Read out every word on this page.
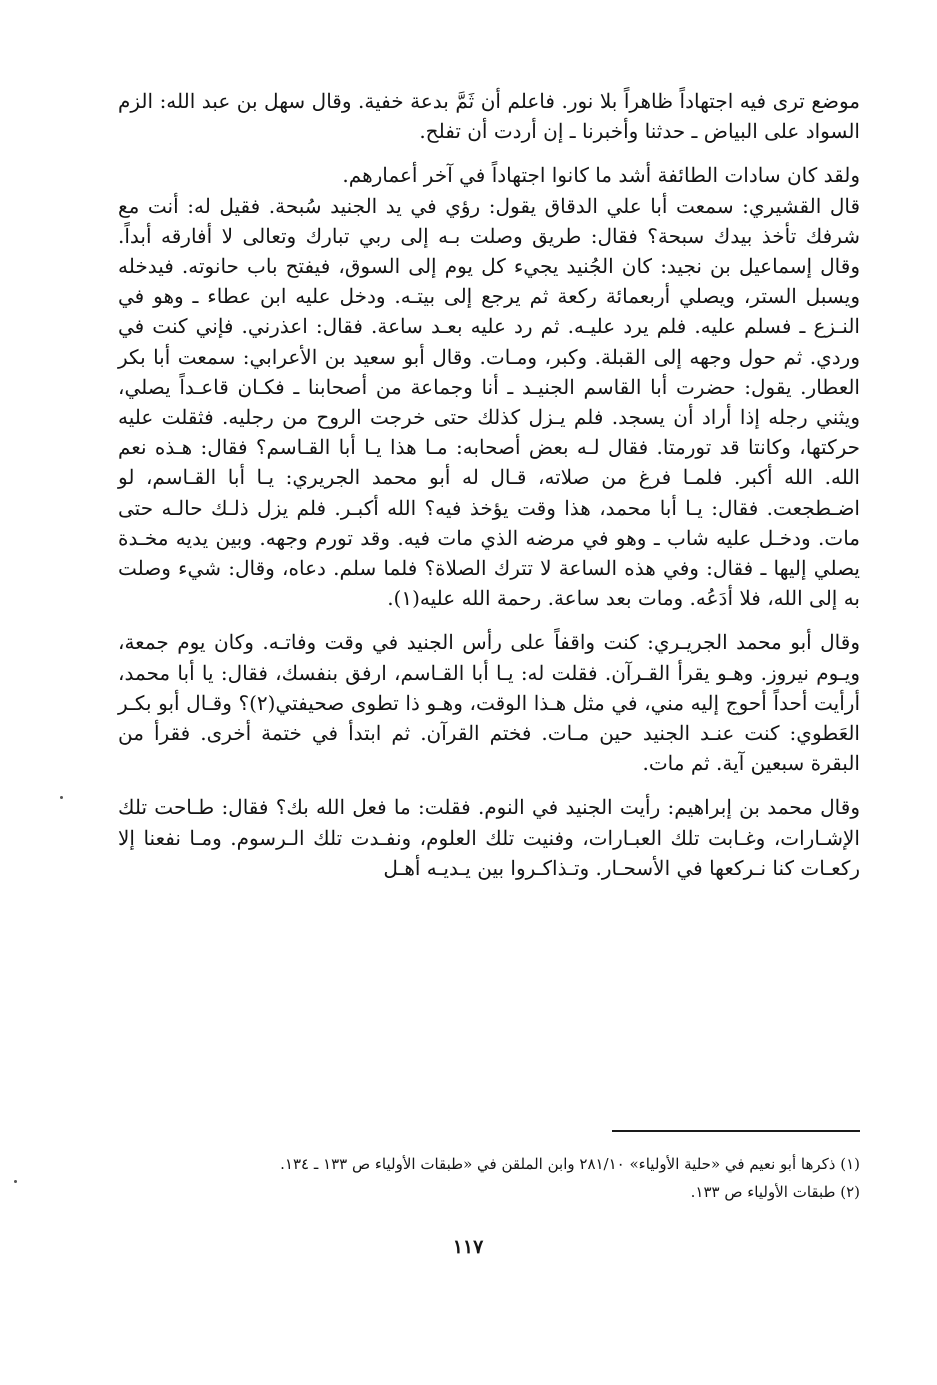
موضع ترى فيه اجتهاداً ظاهراً بلا نور. فاعلم أن ثَمَّ بدعة خفية. وقال سهل بن عبد الله: الزم السواد على البياض ـ حدثنا وأخبرنا ـ إن أردت أن تفلح.

ولقد كان سادات الطائفة أشد ما كانوا اجتهاداً في آخر أعمارهم.

قال القشيري: سمعت أبا علي الدقاق يقول: رؤي في يد الجنيد سُبحة. فقيل له: أنت مع شرفك تأخذ بيدك سبحة؟ فقال: طريق وصلت بـه إلى ربي تبارك وتعالى لا أفارقه أبداً. وقال إسماعيل بن نجيد: كان الجُنيد يجيء كل يوم إلى السوق، فيفتح باب حانوته. فيدخله ويسبل الستر، ويصلي أربعمائة ركعة ثم يرجع إلى بيتـه. ودخل عليه ابن عطاء ـ وهو في النـزع ـ فسلم عليه. فلم يرد عليـه. ثم رد عليه بعـد ساعة. فقال: اعذرني. فإني كنت في وردي. ثم حول وجهه إلى القبلة. وكبر، ومـات. وقال أبو سعيد بن الأعرابي: سمعت أبا بكر العطار. يقول: حضرت أبا القاسم الجنيـد ـ أنا وجماعة من أصحابنا ـ فكـان قاعـداً يصلي، ويثني رجله إذا أراد أن يسجد. فلم يـزل كذلك حتى خرجت الروح من رجليه. فثقلت عليه حركتها، وكانتا قد تورمتا. فقال لـه بعض أصحابه: مـا هذا يـا أبا القـاسم؟ فقال: هـذه نعم الله. الله أكبر. فلمـا فرغ من صلاته، قـال له أبو محمد الجريري: يـا أبا القـاسم، لو اضـطجعت. فقال: يـا أبا محمد، هذا وقت يؤخذ فيه؟ الله أكبـر. فلم يزل ذلـك حالـه حتى مات. ودخـل عليه شاب ـ وهو في مرضه الذي مات فيه. وقد تورم وجهه. وبين يديه مخـدة يصلي إليها ـ فقال: وفي هذه الساعة لا تترك الصلاة؟ فلما سلم. دعاه، وقال: شيء وصلت به إلى الله، فلا أدَعُه. ومات بعد ساعة. رحمة الله عليه(١).

وقال أبو محمد الجريـري: كنت واقفاً على رأس الجنيد في وقت وفاتـه. وكان يوم جمعة، ويـوم نيروز. وهـو يقرأ القـرآن. فقلت له: يـا أبا القـاسم، ارفق بنفسك، فقال: يا أبا محمد، أرأيت أحداً أحوج إليه مني، في مثل هـذا الوقت، وهـو ذا تطوى صحيفتي(٢)؟ وقـال أبو بكـر العَطوي: كنت عنـد الجنيد حين مـات. فختم القرآن. ثم ابتدأ في ختمة أخرى. فقرأ من البقرة سبعين آية. ثم مات.

وقال محمد بن إبراهيم: رأيت الجنيد في النوم. فقلت: ما فعل الله بك؟ فقال: طـاحت تلك الإشـارات، وغـابت تلك العبـارات، وفنيت تلك العلوم، ونفـدت تلك الـرسوم. ومـا نفعنا إلا ركعـات كنا نـركعها في الأسحـار. وتـذاكـروا بين يـديـه أهـل

(١) ذكرها أبو نعيم في «حلية الأولياء» ٢٨١/١٠ وابن الملقن في «طبقات الأولياء ص ١٣٣ ـ ١٣٤.

(٢) طبقات الأولياء ص ١٣٣.

١١٧
